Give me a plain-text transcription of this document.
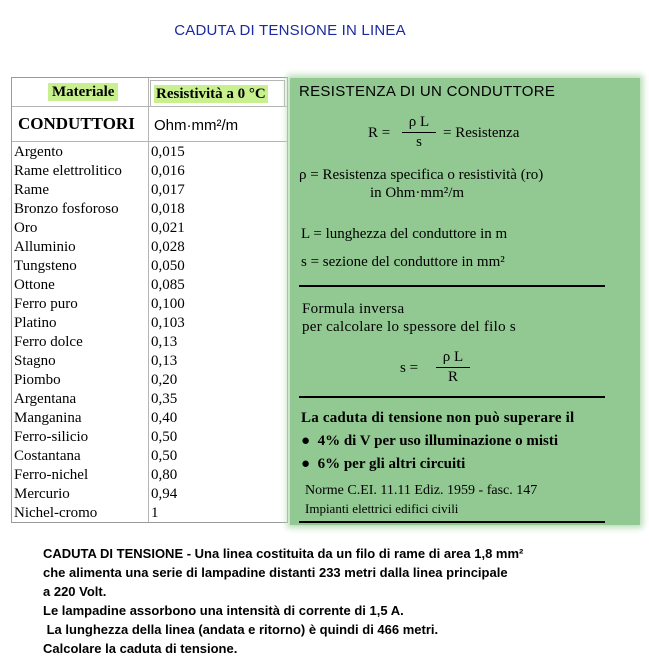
CADUTA DI TENSIONE IN LINEA
Materiale	Resistività a 0 °C
CONDUTTORI Ohm·mm²/m
Argento	0,015
Rame elettrolitico 0,016
Rame	0,017
Bronzo fosforoso 0,018
Oro	0,021
Alluminio	0,028
Tungsteno	0,050
Ottone	0,085
Ferro puro	0,100
Platino	0,103
Ferro dolce	0,13
Stagno	0,13
Piombo	0,20
Argentana	0,35
Manganina	0,40
Ferro-silicio	0,50
Costantana	0,50
Ferro-nichel	0,80
Mercurio	0,94
Nichel-cromo	1
RESISTENZA DI UN CONDUTTORE
R =
ρ L
s
= Resistenza
ρ = Resistenza specifica o resistività (ro)
in Ohm·mm²/m
L = lunghezza del conduttore in m
s = sezione del conduttore in mm²
Formula inversa
per calcolare lo spessore del filo s
s =
ρ L
R
La caduta di tensione non può superare il
● 4% di V per uso illuminazione o misti
● 6% per gli altri circuiti
Norme C.EI. 11.11 Ediz. 1959 - fasc. 147
Impianti elettrici edifici civili
CADUTA DI TENSIONE - Una linea costituita da un filo di rame di area 1,8 mm²
che alimenta una serie di lampadine distanti 233 metri dalla linea principale
a 220 Volt.
Le lampadine assorbono una intensità di corrente di 1,5 A.
La lunghezza della linea (andata e ritorno) è quindi di 466 metri.
Calcolare la caduta di tensione.
